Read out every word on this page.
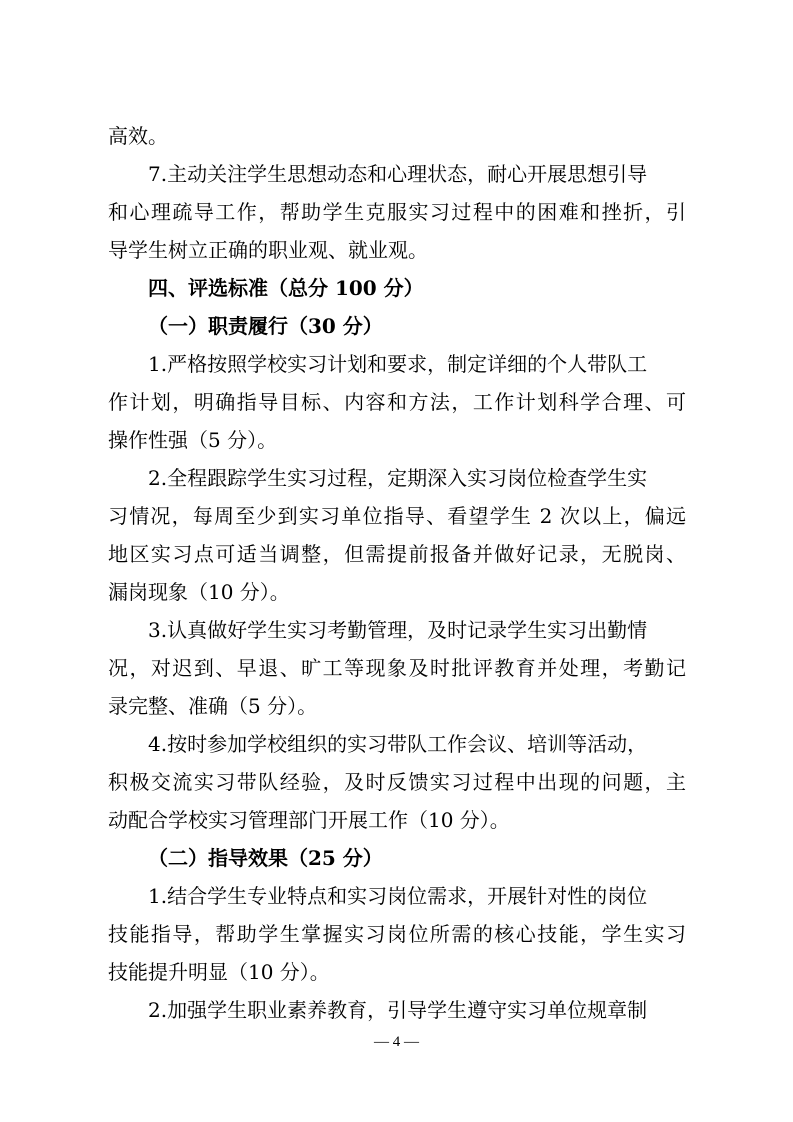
高效。
7.主动关注学生思想动态和心理状态，耐心开展思想引导
和心理疏导工作，帮助学生克服实习过程中的困难和挫折，引
导学生树立正确的职业观、就业观。
四、评选标准（总分 100 分）
（一）职责履行（30 分）
1.严格按照学校实习计划和要求，制定详细的个人带队工
作计划，明确指导目标、内容和方法，工作计划科学合理、可
操作性强（5 分）。
2.全程跟踪学生实习过程，定期深入实习岗位检查学生实
习情况，每周至少到实习单位指导、看望学生 2 次以上，偏远
地区实习点可适当调整，但需提前报备并做好记录，无脱岗、
漏岗现象（10 分）。
3.认真做好学生实习考勤管理，及时记录学生实习出勤情
况，对迟到、早退、旷工等现象及时批评教育并处理，考勤记
录完整、准确（5 分）。
4.按时参加学校组织的实习带队工作会议、培训等活动，
积极交流实习带队经验，及时反馈实习过程中出现的问题，主
动配合学校实习管理部门开展工作（10 分）。
（二）指导效果（25 分）
1.结合学生专业特点和实习岗位需求，开展针对性的岗位
技能指导，帮助学生掌握实习岗位所需的核心技能，学生实习
技能提升明显（10 分）。
2.加强学生职业素养教育，引导学生遵守实习单位规章制
— 4 —
